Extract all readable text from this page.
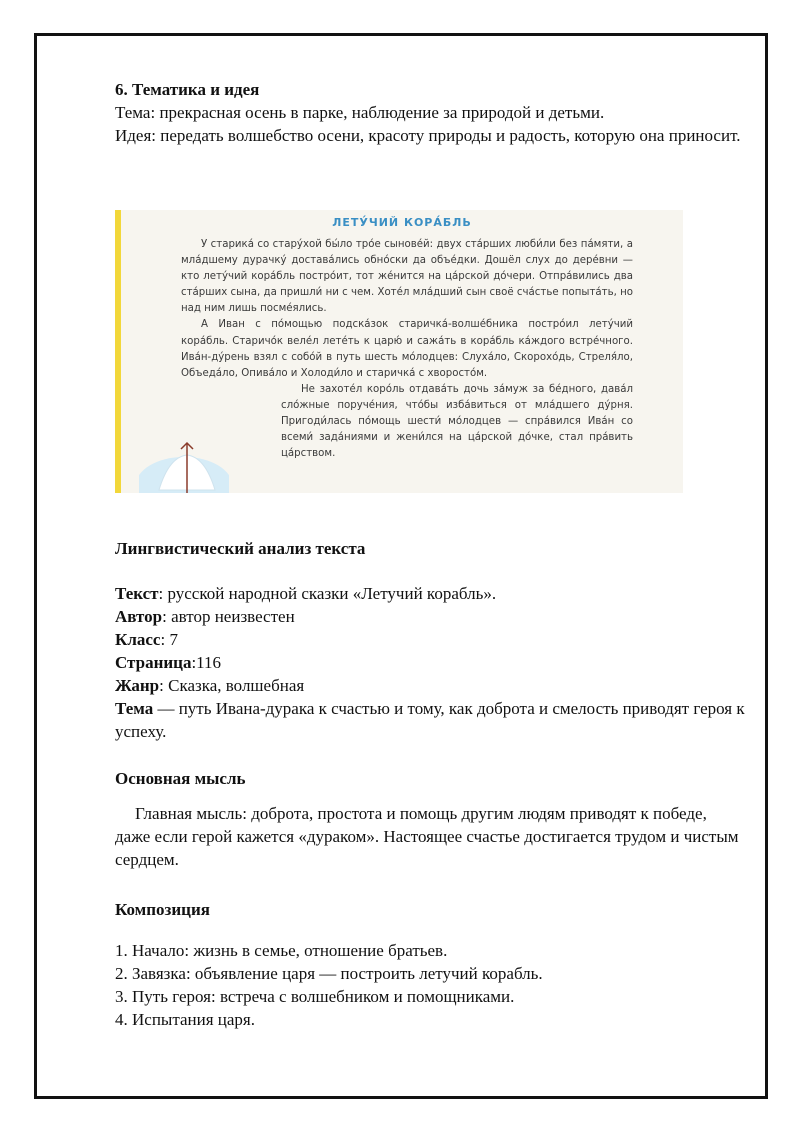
6. Тематика и идея
Тема: прекрасная осень в парке, наблюдение за природой и детьми.
Идея: передать волшебство осени, красоту природы и радость, которую она приносит.
ЛЕТУ́ЧИЙ КОРА́БЛЬ

У старика́ со стару́хой бы́ло тро́е сынове́й: двух ста́рших люби́ли без па́мяти, а мла́дшему дурачку́ достава́лись обно́ски да объе́дки. Дошёл слух до дере́вни — кто лету́чий кора́бль постро́ит, тот же́нится на ца́рской до́чери. Отпра́вились два ста́рших сына, да пришли́ ни с чем. Хоте́л мла́дший сын своё сча́стье попыта́ть, но над ним лишь посме́ялись.

А Иван с по́мощью подска́зок старичка́-волше́бника постро́ил лету́чий кора́бль. Старичо́к веле́л лете́ть к царю́ и сажа́ть в кора́бль ка́ждого встре́чного. Ива́н-ду́рень взял с собо́й в путь шесть мо́лодцев: Слуха́ло, Скорохо́дь, Стреля́ло, Объеда́ло, Опива́ло и Холоди́ло и старичка́ с хворосто́м.

Не захоте́л коро́ль отдава́ть дочь за́муж за бе́дного, дава́л сло́жные поруче́ния, что́бы изба́виться от мла́дшего ду́рня. Пригоди́лась по́мощь шести́ мо́лодцев — спра́вился Ива́н со всеми́ зада́ниями и жени́лся на ца́рской до́чке, стал пра́вить ца́рством.

Лингвистический анализ текста
Текст: русской народной сказки «Летучий корабль».
Автор: автор неизвестен
Класс: 7
Страница:116
Жанр: Сказка, волшебная
Тема — путь Ивана-дурака к счастью и тому, как доброта и смелость приводят героя к успеху.
Основная мысль
Главная мысль: доброта, простота и помощь другим людям приводят к победе, даже если герой кажется «дураком». Настоящее счастье достигается трудом и чистым сердцем.
Композиция
1. Начало: жизнь в семье, отношение братьев.
2. Завязка: объявление царя — построить летучий корабль.
3. Путь героя: встреча с волшебником и помощниками.
4. Испытания царя.
